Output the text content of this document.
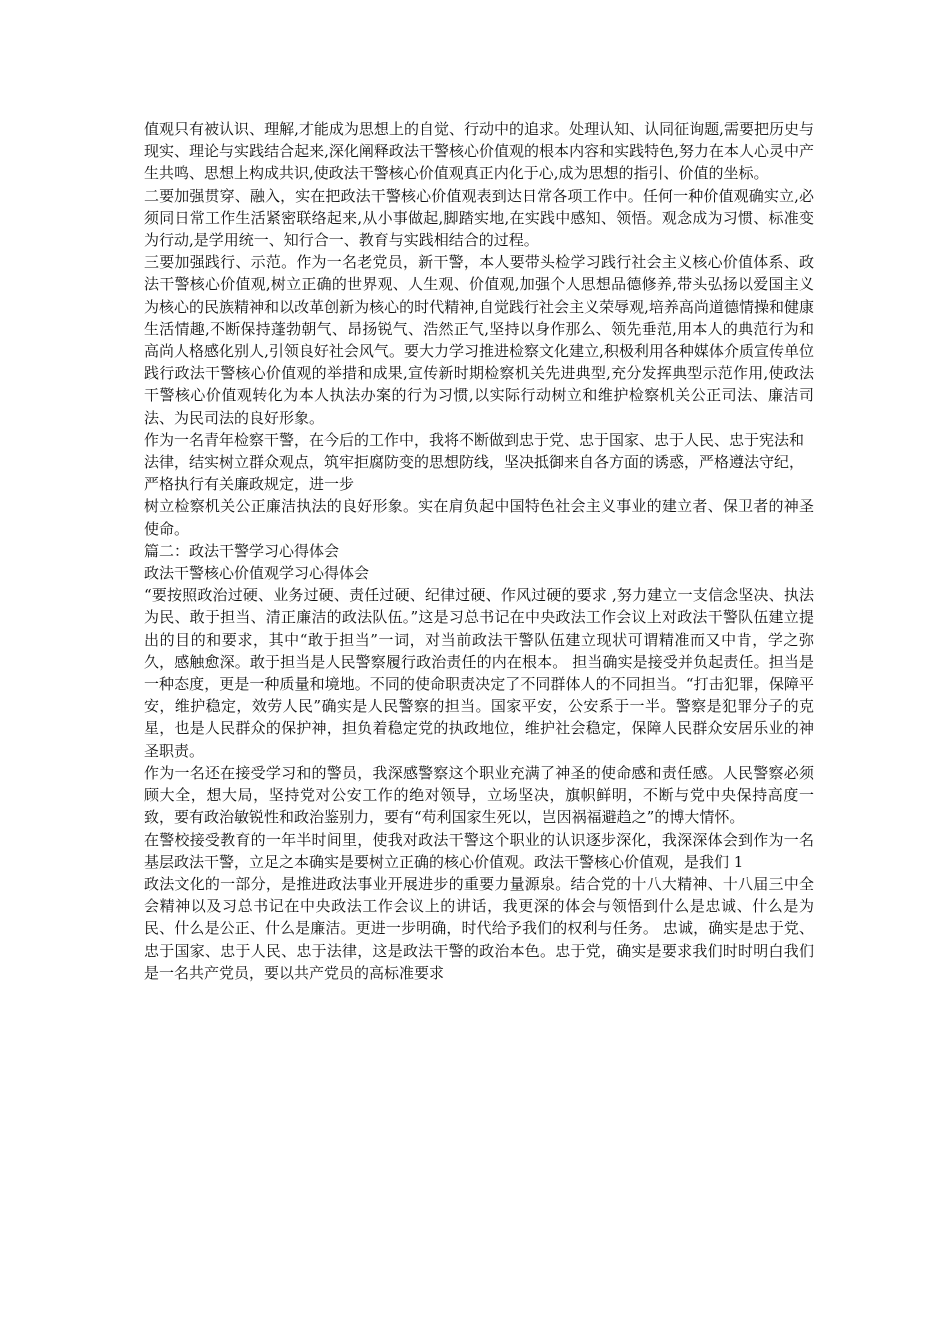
值观只有被认识、理解,才能成为思想上的自觉、行动中的追求。处理认知、认同征询题,需要把历史与现实、理论与实践结合起来,深化阐释政法干警核心价值观的根本内容和实践特色,努力在本人心灵中产生共鸣、思想上构成共识,使政法干警核心价值观真正内化于心,成为思想的指引、价值的坐标。

二要加强贯穿、融入，实在把政法干警核心价值观表到达日常各项工作中。任何一种价值观确实立,必须同日常工作生活紧密联络起来,从小事做起,脚踏实地,在实践中感知、领悟。观念成为习惯、标准变为行动,是学用统一、知行合一、教育与实践相结合的过程。

三要加强践行、示范。作为一名老党员，新干警，本人要带头检学习践行社会主义核心价值体系、政法干警核心价值观,树立正确的世界观、人生观、价值观,加强个人思想品德修养,带头弘扬以爱国主义为核心的民族精神和以改革创新为核心的时代精神,自觉践行社会主义荣辱观,培养高尚道德情操和健康生活情趣,不断保持蓬勃朝气、昂扬锐气、浩然正气,坚持以身作那么、领先垂范,用本人的典范行为和高尚人格感化别人,引领良好社会风气。要大力学习推进检察文化建立,积极利用各种媒体介质宣传单位践行政法干警核心价值观的举措和成果,宣传新时期检察机关先进典型,充分发挥典型示范作用,使政法干警核心价值观转化为本人执法办案的行为习惯,以实际行动树立和维护检察机关公正司法、廉洁司法、为民司法的良好形象。

作为一名青年检察干警，在今后的工作中，我将不断做到忠于党、忠于国家、忠于人民、忠于宪法和法律，结实树立群众观点，筑牢拒腐防变的思想防线，坚决抵御来自各方面的诱惑，严格遵法守纪，严格执行有关廉政规定，进一步

树立检察机关公正廉洁执法的良好形象。实在肩负起中国特色社会主义事业的建立者、保卫者的神圣使命。

篇二：政法干警学习心得体会

政法干警核心价值观学习心得体会

“要按照政治过硬、业务过硬、责任过硬、纪律过硬、作风过硬的要求 ,努力建立一支信念坚决、执法为民、敢于担当、清正廉洁的政法队伍。”这是习总书记在中央政法工作会议上对政法干警队伍建立提出的目的和要求，其中“敢于担当”一词，对当前政法干警队伍建立现状可谓精准而又中肯，学之弥久，感触愈深。敢于担当是人民警察履行政治责任的内在根本。 担当确实是接受并负起责任。担当是一种态度，更是一种质量和境地。不同的使命职责决定了不同群体人的不同担当。“打击犯罪，保障平安，维护稳定，效劳人民”确实是人民警察的担当。国家平安，公安系于一半。警察是犯罪分子的克星，也是人民群众的保护神，担负着稳定党的执政地位，维护社会稳定，保障人民群众安居乐业的神圣职责。

作为一名还在接受学习和的警员，我深感警察这个职业充满了神圣的使命感和责任感。人民警察必须顾大全，想大局，坚持党对公安工作的绝对领导，立场坚决，旗帜鲜明，不断与党中央保持高度一致，要有政治敏锐性和政治鉴别力，要有“苟利国家生死以，岂因祸福避趋之”的博大情怀。

在警校接受教育的一年半时间里，使我对政法干警这个职业的认识逐步深化，我深深体会到作为一名基层政法干警，立足之本确实是要树立正确的核心价值观。政法干警核心价值观，是我们 1

政法文化的一部分，是推进政法事业开展进步的重要力量源泉。结合党的十八大精神、十八届三中全会精神以及习总书记在中央政法工作会议上的讲话，我更深的体会与领悟到什么是忠诚、什么是为民、什么是公正、什么是廉洁。更进一步明确，时代给予我们的权利与任务。 忠诚，确实是忠于党、忠于国家、忠于人民、忠于法律，这是政法干警的政治本色。忠于党，确实是要求我们时时明白我们是一名共产党员，要以共产党员的高标准要求
